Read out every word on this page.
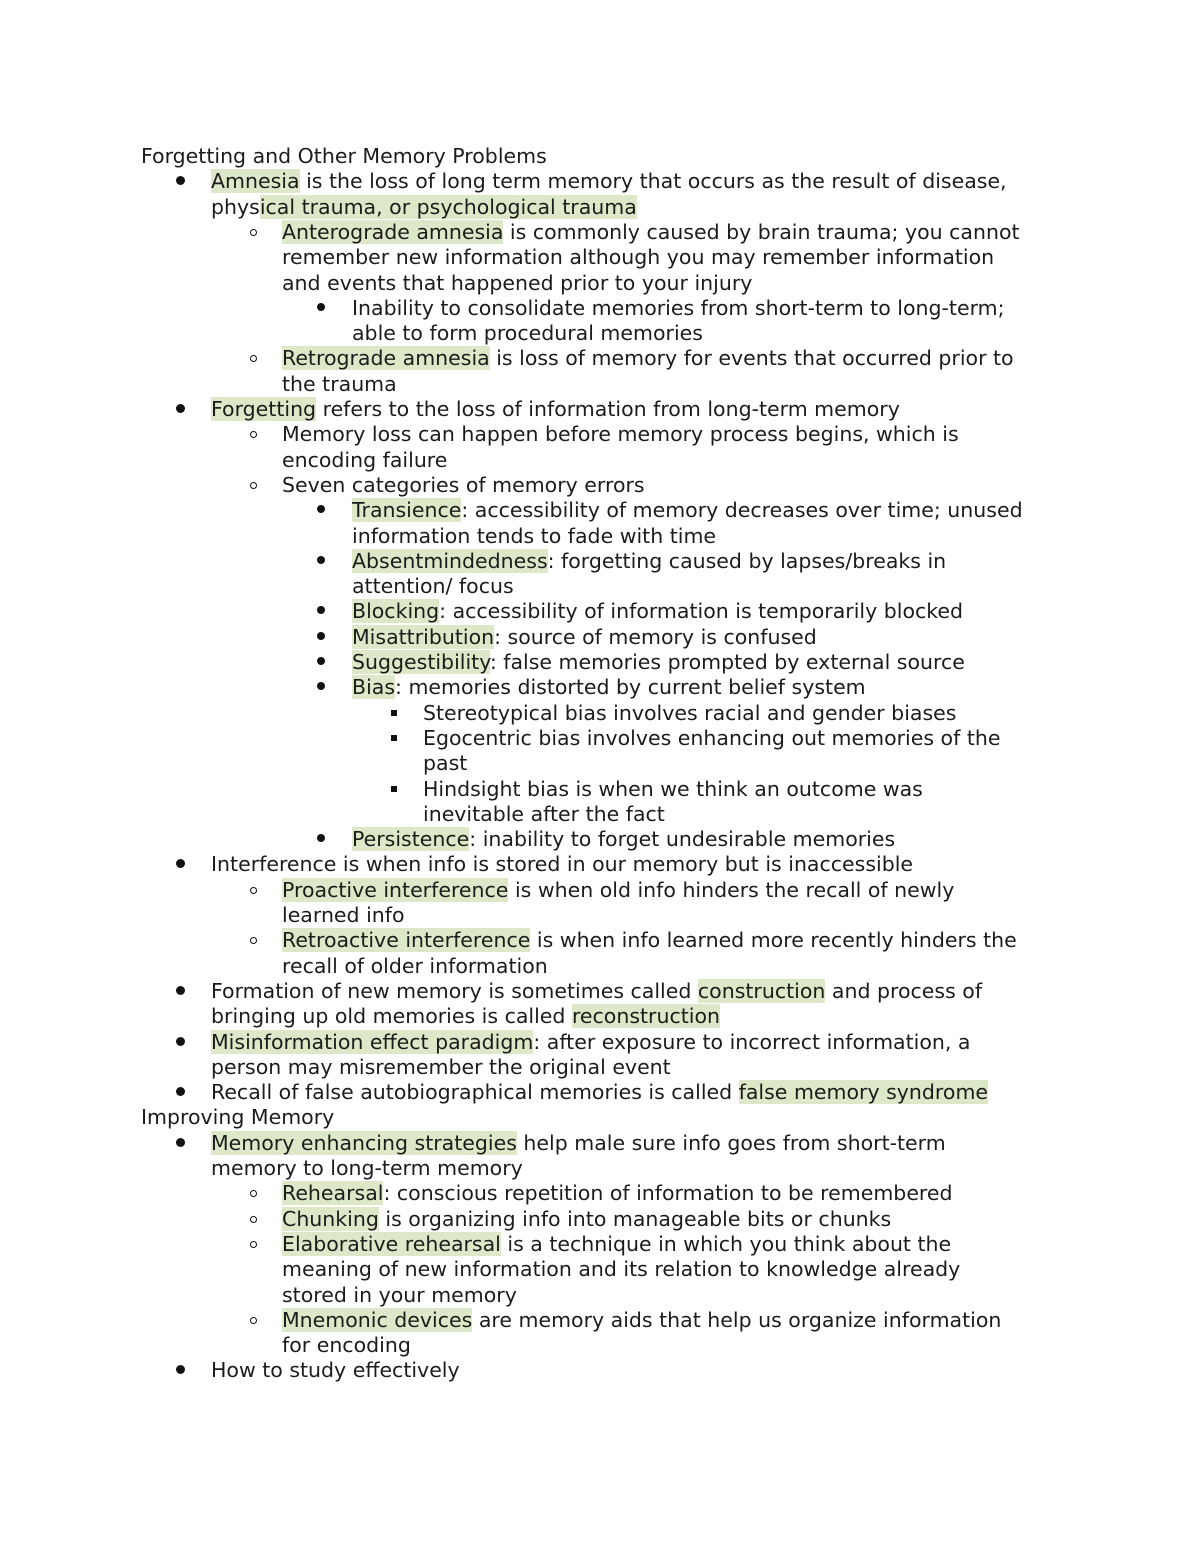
Forgetting and Other Memory Problems
Amnesia is the loss of long term memory that occurs as the result of disease,
physical trauma, or psychological trauma
Anterograde amnesia is commonly caused by brain trauma; you cannot
remember new information although you may remember information
and events that happened prior to your injury
Inability to consolidate memories from short-term to long-term;
able to form procedural memories
Retrograde amnesia is loss of memory for events that occurred prior to
the trauma
Forgetting refers to the loss of information from long-term memory
Memory loss can happen before memory process begins, which is
encoding failure
Seven categories of memory errors
Transience: accessibility of memory decreases over time; unused
information tends to fade with time
Absentmindedness: forgetting caused by lapses/breaks in
attention/ focus
Blocking: accessibility of information is temporarily blocked
Misattribution: source of memory is confused
Suggestibility: false memories prompted by external source
Bias: memories distorted by current belief system
Stereotypical bias involves racial and gender biases
Egocentric bias involves enhancing out memories of the
past
Hindsight bias is when we think an outcome was
inevitable after the fact
Persistence: inability to forget undesirable memories
Interference is when info is stored in our memory but is inaccessible
Proactive interference is when old info hinders the recall of newly
learned info
Retroactive interference is when info learned more recently hinders the
recall of older information
Formation of new memory is sometimes called construction and process of
bringing up old memories is called reconstruction
Misinformation effect paradigm: after exposure to incorrect information, a
person may misremember the original event
Recall of false autobiographical memories is called false memory syndrome
Improving Memory
Memory enhancing strategies help male sure info goes from short-term
memory to long-term memory
Rehearsal: conscious repetition of information to be remembered
Chunking is organizing info into manageable bits or chunks
Elaborative rehearsal is a technique in which you think about the
meaning of new information and its relation to knowledge already
stored in your memory
Mnemonic devices are memory aids that help us organize information
for encoding
How to study effectively
